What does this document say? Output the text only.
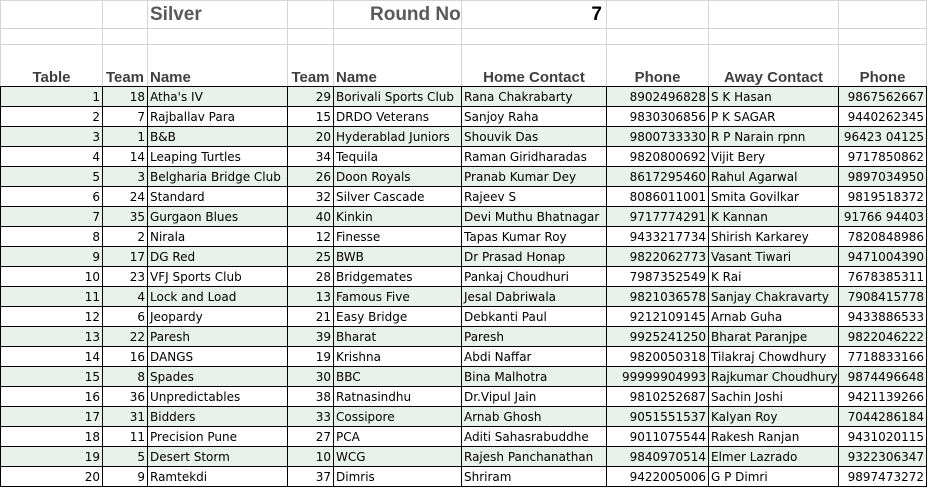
		Silver		Round No	7			

Table	Team	Name	Team	Name	Home Contact	Phone	Away Contact	Phone
1	18	Atha's IV	29	Borivali Sports Club	Rana Chakrabarty	8902496828	S K Hasan	9867562667
2	7	Rajballav Para	15	DRDO Veterans	Sanjoy Raha	9830306856	P K SAGAR	9440262345
3	1	B&B	20	Hyderablad Juniors	Shouvik Das	9800733330	R P Narain rpnn	96423 04125
4	14	Leaping Turtles	34	Tequila	Raman Giridharadas	9820800692	Vijit Bery	9717850862
5	3	Belgharia Bridge Club	26	Doon Royals	Pranab Kumar Dey	8617295460	Rahul Agarwal	9897034950
6	24	Standard	32	Silver Cascade	Rajeev S	8086011001	Smita Govilkar	9819518372
7	35	Gurgaon Blues	40	Kinkin	Devi Muthu Bhatnagar	9717774291	K Kannan	91766 94403
8	2	Nirala	12	Finesse	Tapas Kumar Roy	9433217734	Shirish Karkarey	7820848986
9	17	DG Red	25	BWB	Dr Prasad Honap	9822062773	Vasant Tiwari	9471004390
10	23	VFJ Sports Club	28	Bridgemates	Pankaj Choudhuri	7987352549	K Rai	7678385311
11	4	Lock and Load	13	Famous Five	Jesal Dabriwala	9821036578	Sanjay Chakravarty	7908415778
12	6	Jeopardy	21	Easy Bridge	Debkanti Paul	9212109145	Arnab Guha	9433886533
13	22	Paresh	39	Bharat	Paresh	9925241250	Bharat Paranjpe	9822046222
14	16	DANGS	19	Krishna	Abdi Naffar	9820050318	Tilakraj Chowdhury	7718833166
15	8	Spades	30	BBC	Bina Malhotra	99999904993	Rajkumar Choudhury	9874496648
16	36	Unpredictables	38	Ratnasindhu	Dr.Vipul Jain	9810252687	Sachin Joshi	9421139266
17	31	Bidders	33	Cossipore	Arnab Ghosh	9051551537	Kalyan Roy	7044286184
18	11	Precision Pune	27	PCA	Aditi Sahasrabuddhe	9011075544	Rakesh Ranjan	9431020115
19	5	Desert Storm	10	WCG	Rajesh Panchanathan	9840970514	Elmer Lazrado	9322306347
20	9	Ramtekdi	37	Dimris	Shriram	9422005006	G P Dimri	9897473272
